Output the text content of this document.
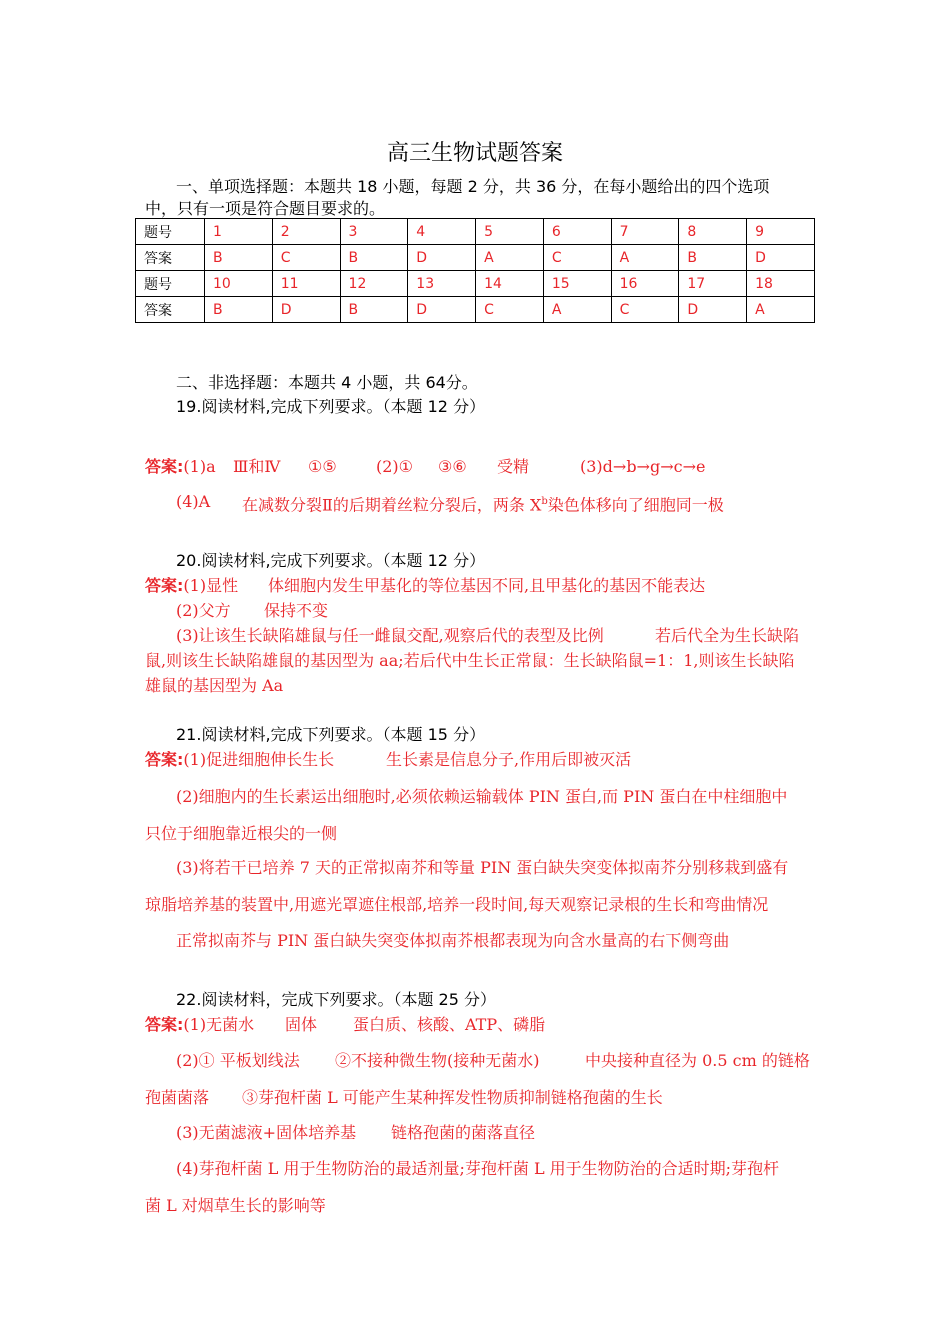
高三生物试题答案
一、单项选择题：本题共 18 小题，每题 2 分，共 36 分，在每小题给出的四个选项
中，只有一项是符合题目要求的。
题号	1	2	3	4	5	6	7	8	9
答案	B	C	B	D	A	C	A	B	D
题号	10	11	12	13	14	15	16	17	18
答案	B	D	B	D	C	A	C	D	A
二、非选择题：本题共 4 小题，共 64分。
19.阅读材料,完成下列要求。（本题 12 分）
答案:(1)a Ⅲ和Ⅳ ①⑤ (2)① ③⑥ 受精	(3)d→b→g→c→e
(4)A 在减数分裂Ⅱ的后期着丝粒分裂后，两条 $X^b$染色体移向了细胞同一极
20.阅读材料,完成下列要求。（本题 12 分）
答案:(1)显性 体细胞内发生甲基化的等位基因不同,且甲基化的基因不能表达
(2)父方 保持不变
(3)让该生长缺陷雄鼠与任一雌鼠交配,观察后代的表型及比例	若后代全为生长缺陷
鼠,则该生长缺陷雄鼠的基因型为 aa;若后代中生长正常鼠：生长缺陷鼠=1：1,则该生长缺陷
雄鼠的基因型为 Aa
21.阅读材料,完成下列要求。（本题 15 分）
答案:(1)促进细胞伸长生长	生长素是信息分子,作用后即被灭活
(2)细胞内的生长素运出细胞时,必须依赖运输载体 PIN 蛋白,而 PIN 蛋白在中柱细胞中
只位于细胞靠近根尖的一侧
(3)将若干已培养 7 天的正常拟南芥和等量 PIN 蛋白缺失突变体拟南芥分别移栽到盛有
琼脂培养基的装置中,用遮光罩遮住根部,培养一段时间,每天观察记录根的生长和弯曲情况
正常拟南芥与 PIN 蛋白缺失突变体拟南芥根都表现为向含水量高的右下侧弯曲
22.阅读材料，完成下列要求。（本题 25 分）
答案:(1)无菌水 固体 蛋白质、核酸、ATP、磷脂
(2)① 平板划线法 ②不接种微生物(接种无菌水)	中央接种直径为 0.5 cm 的链格
孢菌菌落 ③芽孢杆菌 L 可能产生某种挥发性物质抑制链格孢菌的生长
(3)无菌滤液+固体培养基 链格孢菌的菌落直径
(4)芽孢杆菌 L 用于生物防治的最适剂量;芽孢杆菌 L 用于生物防治的合适时期;芽孢杆
菌 L 对烟草生长的影响等
